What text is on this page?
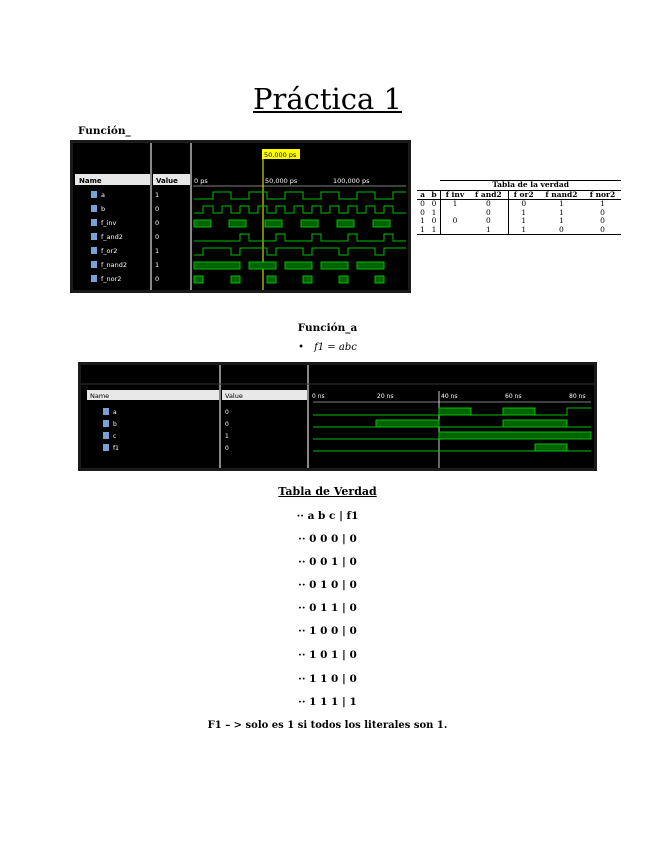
Práctica 1
Función_
Name	Value 0 ps	50,000 ps	100,000 ps
50,000 ps
a	1
b	0
f_inv	0
f_and2	0
f_or2	1
f_nand2	1
f_nor2	0
		Tabla de la verdad				
a	b	f inv	f and2	f or2	f nand2	f nor2
0	0	1	0	0	1	1
0	1		0	1	1	0
1	0	0	0	1	1	0
1	1		1	1	0	0
Función_a
• f1 = abc
Name	Value	0 ns	20 ns	40 ns	60 ns	80 ns
a	0
b	0
c	1
f1	0
Tabla de Verdad
·· a b c | f1
·· 0 0 0 | 0
·· 0 0 1 | 0
·· 0 1 0 | 0
·· 0 1 1 | 0
·· 1 0 0 | 0
·· 1 0 1 | 0
·· 1 1 0 | 0
·· 1 1 1 | 1
F1 – > solo es 1 si todos los literales son 1.
